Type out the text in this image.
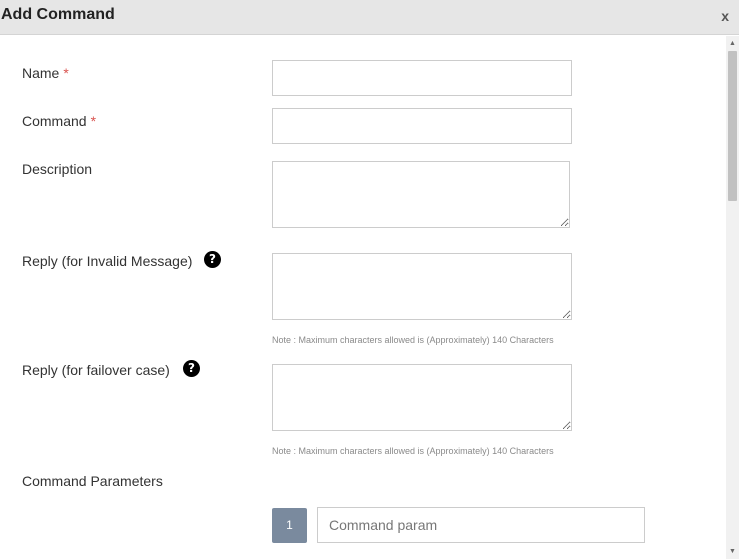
Add Command	x
Name *
Command *
Description
Reply (for Invalid Message)	?
Note : Maximum characters allowed is (Approximately) 140 Characters
Reply (for failover case)	?
Note : Maximum characters allowed is (Approximately) 140 Characters
Command Parameters
1
Command param
▲
▼
